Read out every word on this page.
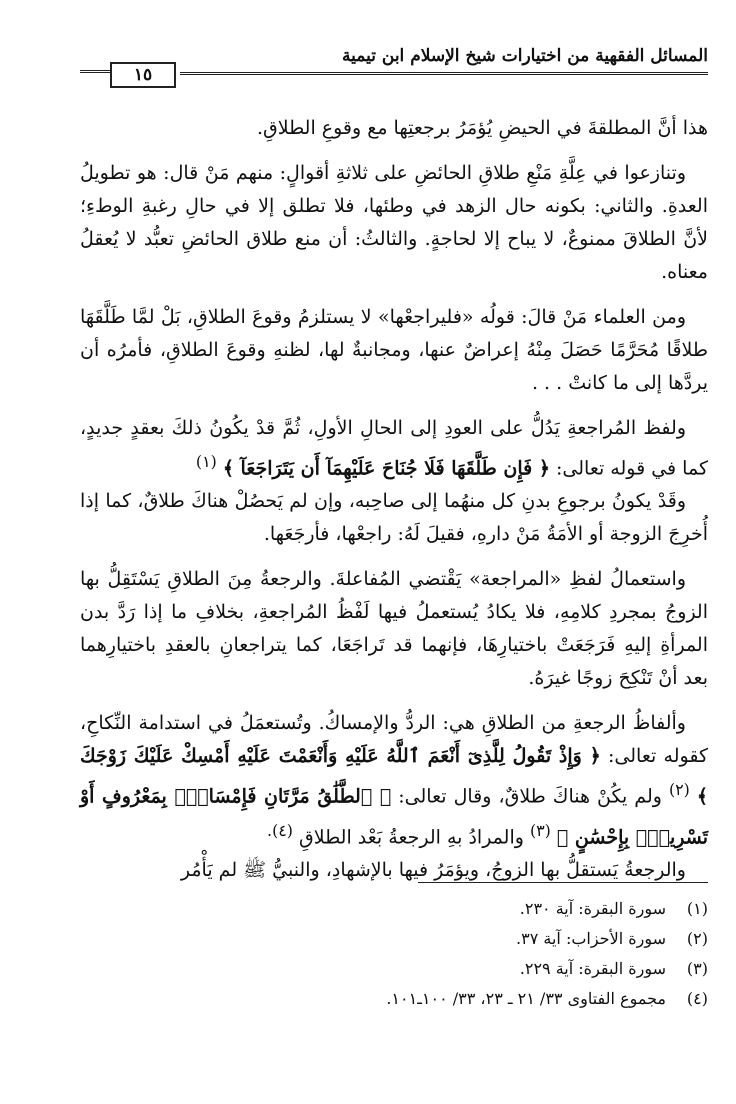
المسائل الفقهية من اختيارات شيخ الإسلام ابن تيمية
١٥

هذا أنَّ المطلقةَ في الحيضِ يُؤمَرُ برجعتِها مع وقوعِ الطلاقِ.

وتنازعوا في عِلَّةِ مَنْعِ طلاقِ الحائضِ على ثلاثةِ أقوالٍ: منهم مَنْ قال: هو تطويلُ العدةِ. والثاني: بكونه حال الزهد في وطئها، فلا تطلق إلا في حالِ رغبةِ الوطءِ؛ لأنَّ الطلاقَ ممنوعٌ، لا يباح إلا لحاجةٍ. والثالثُ: أن منع طلاق الحائضِ تعبُّد لا يُعقلُ معناه.

ومن العلماء مَنْ قالَ: قولُه «فليراجعْها» لا يستلزمُ وقوعَ الطلاقِ، بَلْ لمَّا طَلَّقَهَا طلاقًا مُحَرَّمًا حَصَلَ مِنْهُ إعراضٌ عنها، ومجانبةٌ لها، لظنهِ وقوعَ الطلاقِ، فأمرُه أن يردَّها إلى ما كانتْ . . .

ولفظ المُراجعةِ يَدُلُّ على العودِ إلى الحالِ الأولِ، ثُمَّ قدْ يكُونُ ذلكَ بعقدٍ جديدٍ، كما في قوله تعالى: ﴿ فَإِن طَلَّقَهَا فَلَا جُنَاحَ عَلَيْهِمَآ أَن يَتَرَاجَعَآ ﴾ $^{(١)}$

وقَدْ يكونُ برجوعِ بدنِ كل منهُما إلى صاحِبه، وإن لم يَحصُلْ هناكَ طلاقٌ، كما إذا أُخرِجَ الزوجة أو الأمَةُ مَنْ دارهِ، فقيلَ لَهُ: راجعْها، فأرجَعَها.

واستعمالُ لفظِ «المراجعة» يَقْتضي المُفاعلةَ. والرجعةُ مِنَ الطلاقِ يَسْتَقِلُّ بها الزوجُ بمجردِ كلامِهِ، فلا يكادُ يُستعملُ فيها لَفْظُ المُراجعةِ، بخلافِ ما إذا رَدَّ بدن المرأةِ إليهِ فَرَجَعَتْ باختيارِهَا، فإنهما قد تَراجَعَا، كما يتراجعانِ بالعقدِ باختيارِهما بعد أنْ تَنْكِحَ زوجًا غيرَهُ.

وألفاظُ الرجعةِ من الطلاقِ هي: الردُّ والإمساكُ. وتُستعمَلُ في استدامة النِّكاحِ، كقوله تعالى: ﴿ وَإِذْ تَقُولُ لِلَّذِىٓ أَنْعَمَ ٱللَّهُ عَلَيْهِ وَأَنْعَمْتَ عَلَيْهِ أَمْسِكْ عَلَيْكَ زَوْجَكَ ﴾ $^{(٢)}$ ولم يكُنْ هناكَ طلاقٌ، وقال تعالى: ﴿ ٱلطَّلَٰقُ مَرَّتَانِ فَإِمْسَاكُۢ بِمَعْرُوفٍ أَوْ تَسْرِيحُۢ بِإِحْسَٰنٍ ﴾ $^{(٣)}$ والمرادُ بهِ الرجعةُ بَعْد الطلاقِ $^{(٤).}$

والرجعةُ يَستقلُّ بها الزوجُ، ويؤمَرُ فيها بالإشهادِ، والنبيُّ ﷺ لم يَأْمُر

(١)
سورة البقرة: آية ٢٣٠.
(٢)
سورة الأحزاب: آية ٣٧.
(٣)
سورة البقرة: آية ٢٢٩.
(٤)
مجموع الفتاوى ٣٣/ ٢١ ـ ٢٣، ٣٣/ ١٠٠ـ١٠١.
